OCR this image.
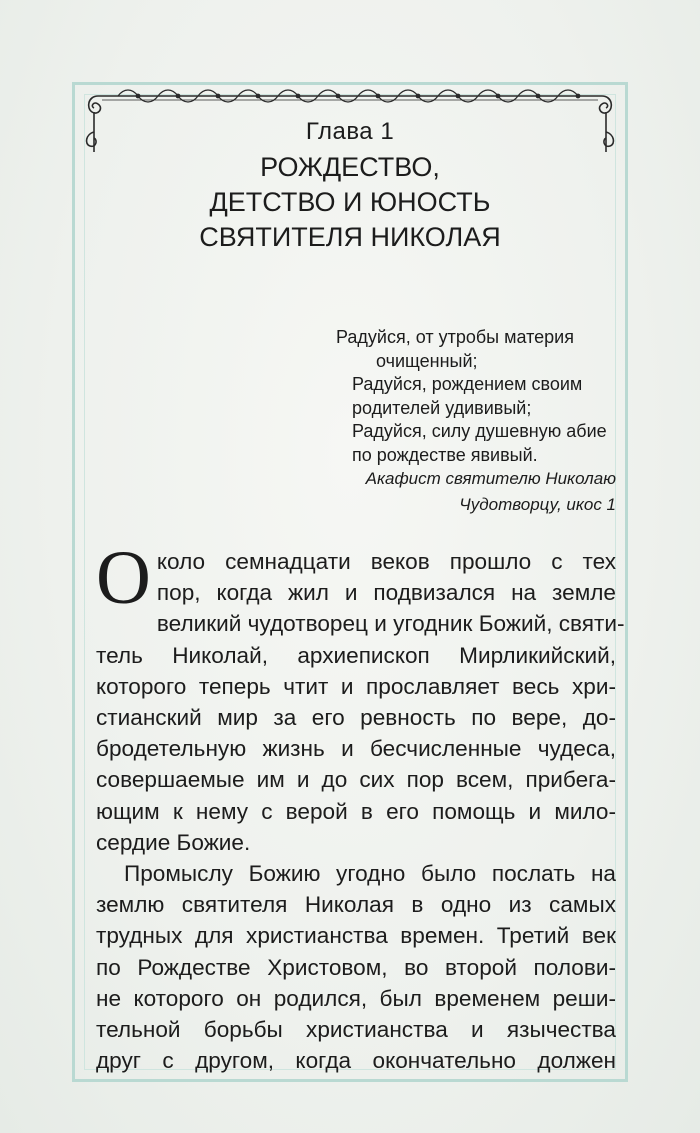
Глава 1
РОЖДЕСТВО,
ДЕТСТВО И ЮНОСТЬ
СВЯТИТЕЛЯ НИКОЛАЯ
Радуйся, от утробы материя
очищенный;
Радуйся, рождением своим
родителей удививый;
Радуйся, силу душевную абие
по рождестве явивый.
Акафист святителю Николаю
Чудотворцу, икос 1
О коло семнадцати веков прошло с тех
пор, когда жил и подвизался на земле
великий чудотворец и угодник Божий, святи-
тель Николай, архиепископ Мирликийский,
которого теперь чтит и прославляет весь хри-
стианский мир за его ревность по вере, до-
бродетельную жизнь и бесчисленные чудеса,
совершаемые им и до сих пор всем, прибега-
ющим к нему с верой в его помощь и мило-
сердие Божие.
Промыслу Божию угодно было послать на
землю святителя Николая в одно из самых
трудных для христианства времен. Третий век
по Рождестве Христовом, во второй полови-
не которого он родился, был временем реши-
тельной борьбы христианства и язычества
друг с другом, когда окончательно должен
